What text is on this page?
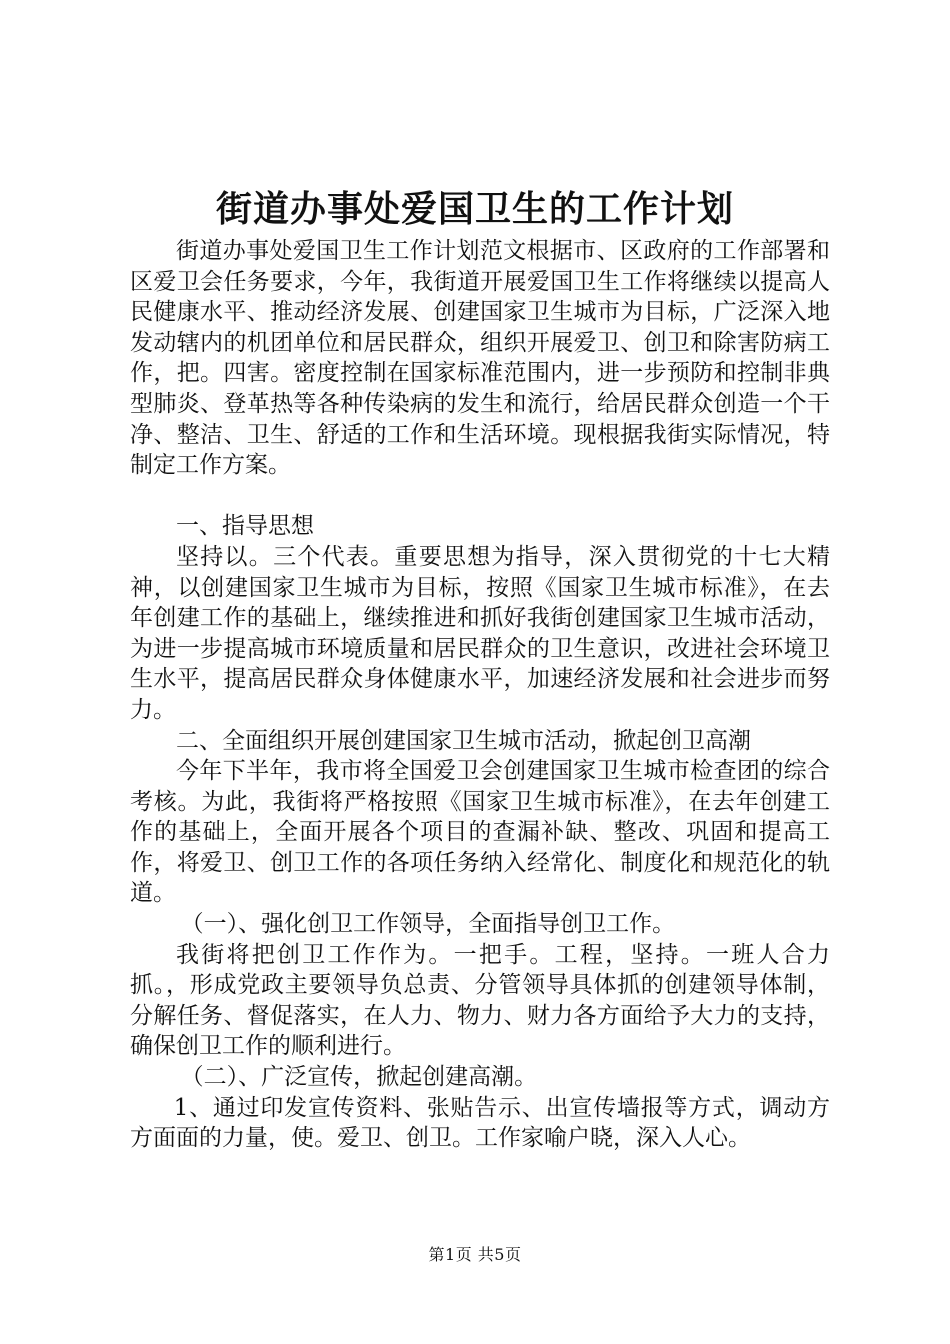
街道办事处爱国卫生的工作计划

街道办事处爱国卫生工作计划范文根据市、区政府的工作部署和区爱卫会任务要求，今年，我街道开展爱国卫生工作将继续以提高人民健康水平、推动经济发展、创建国家卫生城市为目标，广泛深入地发动辖内的机团单位和居民群众，组织开展爱卫、创卫和除害防病工作，把。四害。密度控制在国家标准范围内，进一步预防和控制非典型肺炎、登革热等各种传染病的发生和流行，给居民群众创造一个干净、整洁、卫生、舒适的工作和生活环境。现根据我街实际情况，特制定工作方案。

一、指导思想

坚持以。三个代表。重要思想为指导，深入贯彻党的十七大精神，以创建国家卫生城市为目标，按照《国家卫生城市标准》，在去年创建工作的基础上，继续推进和抓好我街创建国家卫生城市活动，为进一步提高城市环境质量和居民群众的卫生意识，改进社会环境卫生水平，提高居民群众身体健康水平，加速经济发展和社会进步而努力。

二、全面组织开展创建国家卫生城市活动，掀起创卫高潮

今年下半年，我市将全国爱卫会创建国家卫生城市检查团的综合考核。为此，我街将严格按照《国家卫生城市标准》，在去年创建工作的基础上，全面开展各个项目的查漏补缺、整改、巩固和提高工作，将爱卫、创卫工作的各项任务纳入经常化、制度化和规范化的轨道。

（一）、强化创卫工作领导，全面指导创卫工作。

我街将把创卫工作作为。一把手。工程，坚持。一班人合力抓。，形成党政主要领导负总责、分管领导具体抓的创建领导体制，分解任务、督促落实，在人力、物力、财力各方面给予大力的支持，确保创卫工作的顺利进行。

（二）、广泛宣传，掀起创建高潮。

1、通过印发宣传资料、张贴告示、出宣传墙报等方式，调动方方面面的力量，使。爱卫、创卫。工作家喻户晓，深入人心。

第1页 共5页
